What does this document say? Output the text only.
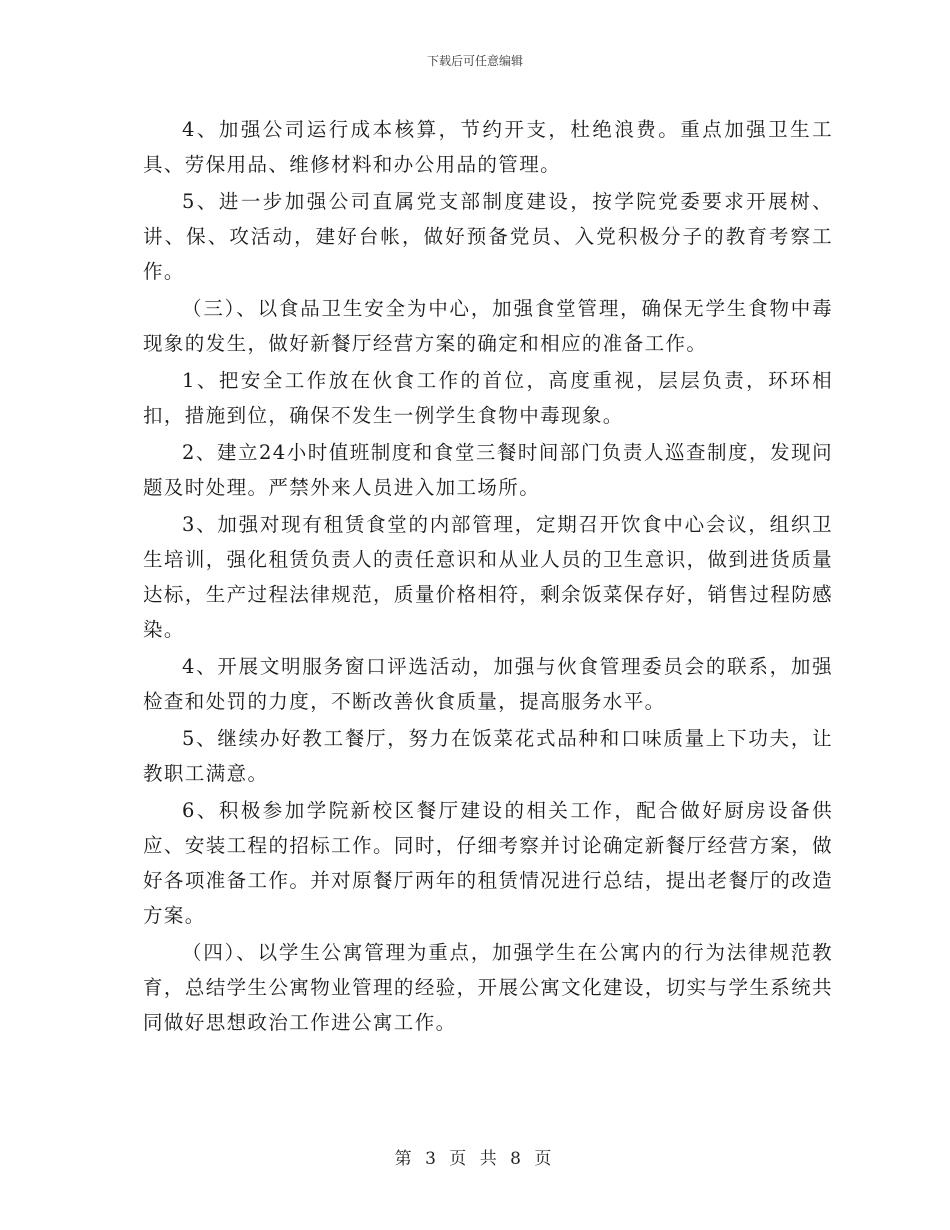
下载后可任意编辑

4、加强公司运行成本核算，节约开支，杜绝浪费。重点加强卫生工具、劳保用品、维修材料和办公用品的管理。

5、进一步加强公司直属党支部制度建设，按学院党委要求开展树、讲、保、攻活动，建好台帐，做好预备党员、入党积极分子的教育考察工作。

（三）、以食品卫生安全为中心，加强食堂管理，确保无学生食物中毒现象的发生，做好新餐厅经营方案的确定和相应的准备工作。

1、把安全工作放在伙食工作的首位，高度重视，层层负责，环环相扣，措施到位，确保不发生一例学生食物中毒现象。

2、建立24小时值班制度和食堂三餐时间部门负责人巡查制度，发现问题及时处理。严禁外来人员进入加工场所。

3、加强对现有租赁食堂的内部管理，定期召开饮食中心会议，组织卫生培训，强化租赁负责人的责任意识和从业人员的卫生意识，做到进货质量达标，生产过程法律规范，质量价格相符，剩余饭菜保存好，销售过程防感染。

4、开展文明服务窗口评选活动，加强与伙食管理委员会的联系，加强检查和处罚的力度，不断改善伙食质量，提高服务水平。

5、继续办好教工餐厅，努力在饭菜花式品种和口味质量上下功夫，让教职工满意。

6、积极参加学院新校区餐厅建设的相关工作，配合做好厨房设备供应、安装工程的招标工作。同时，仔细考察并讨论确定新餐厅经营方案，做好各项准备工作。并对原餐厅两年的租赁情况进行总结，提出老餐厅的改造方案。

（四）、以学生公寓管理为重点，加强学生在公寓内的行为法律规范教育，总结学生公寓物业管理的经验，开展公寓文化建设，切实与学生系统共同做好思想政治工作进公寓工作。

第 3 页 共 8 页
